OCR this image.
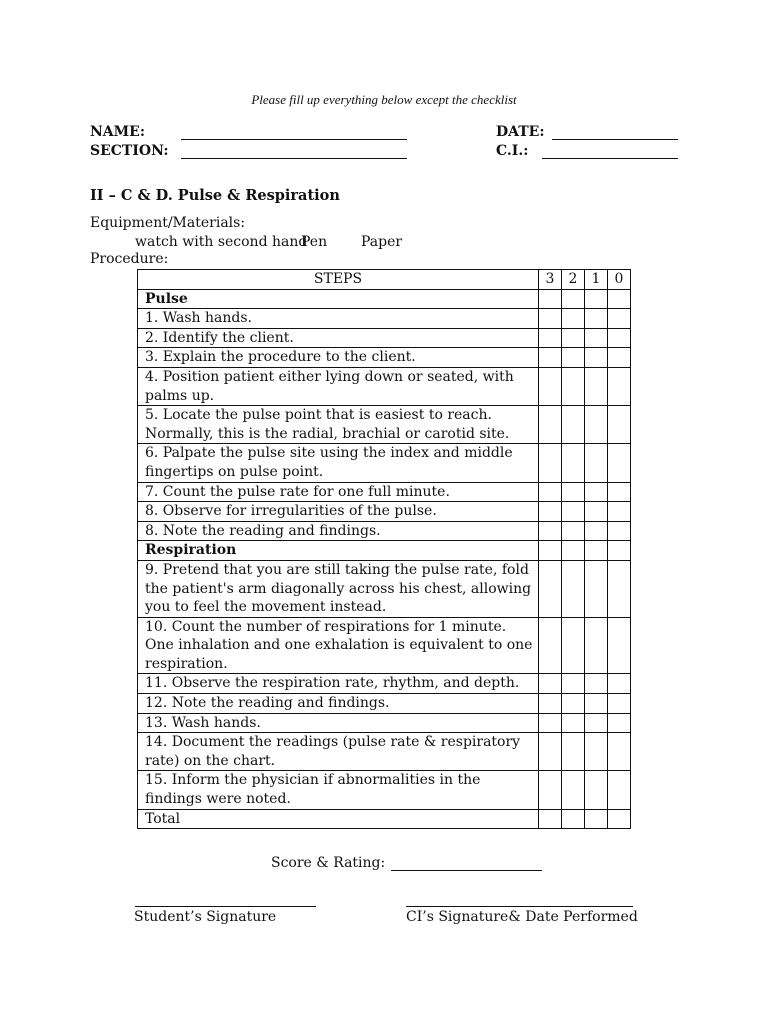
Please fill up everything below except the checklist
NAME:
SECTION:
DATE:
C.I.:
II – C & D. Pulse & Respiration
Equipment/Materials:
watch with second hand
Pen Paper
Procedure:
STEPS	3	2	1	0
Pulse				
1. Wash hands.				
2. Identify the client.				
3. Explain the procedure to the client.				
4. Position patient either lying down or seated, with palms up.				
5. Locate the pulse point that is easiest to reach. Normally, this is the radial, brachial or carotid site.				
6. Palpate the pulse site using the index and middle fingertips on pulse point.				
7. Count the pulse rate for one full minute.				
8. Observe for irregularities of the pulse.				
8. Note the reading and findings.				
Respiration				
9. Pretend that you are still taking the pulse rate, fold the patient's arm diagonally across his chest, allowing you to feel the movement instead.				
10. Count the number of respirations for 1 minute. One inhalation and one exhalation is equivalent to one respiration.				
11. Observe the respiration rate, rhythm, and depth.				
12. Note the reading and findings.				
13. Wash hands.				
14. Document the readings (pulse rate & respiratory rate) on the chart.				
15. Inform the physician if abnormalities in the findings were noted.				
Total				
Score & Rating:
Student’s Signature	CI’s Signature& Date Performed
